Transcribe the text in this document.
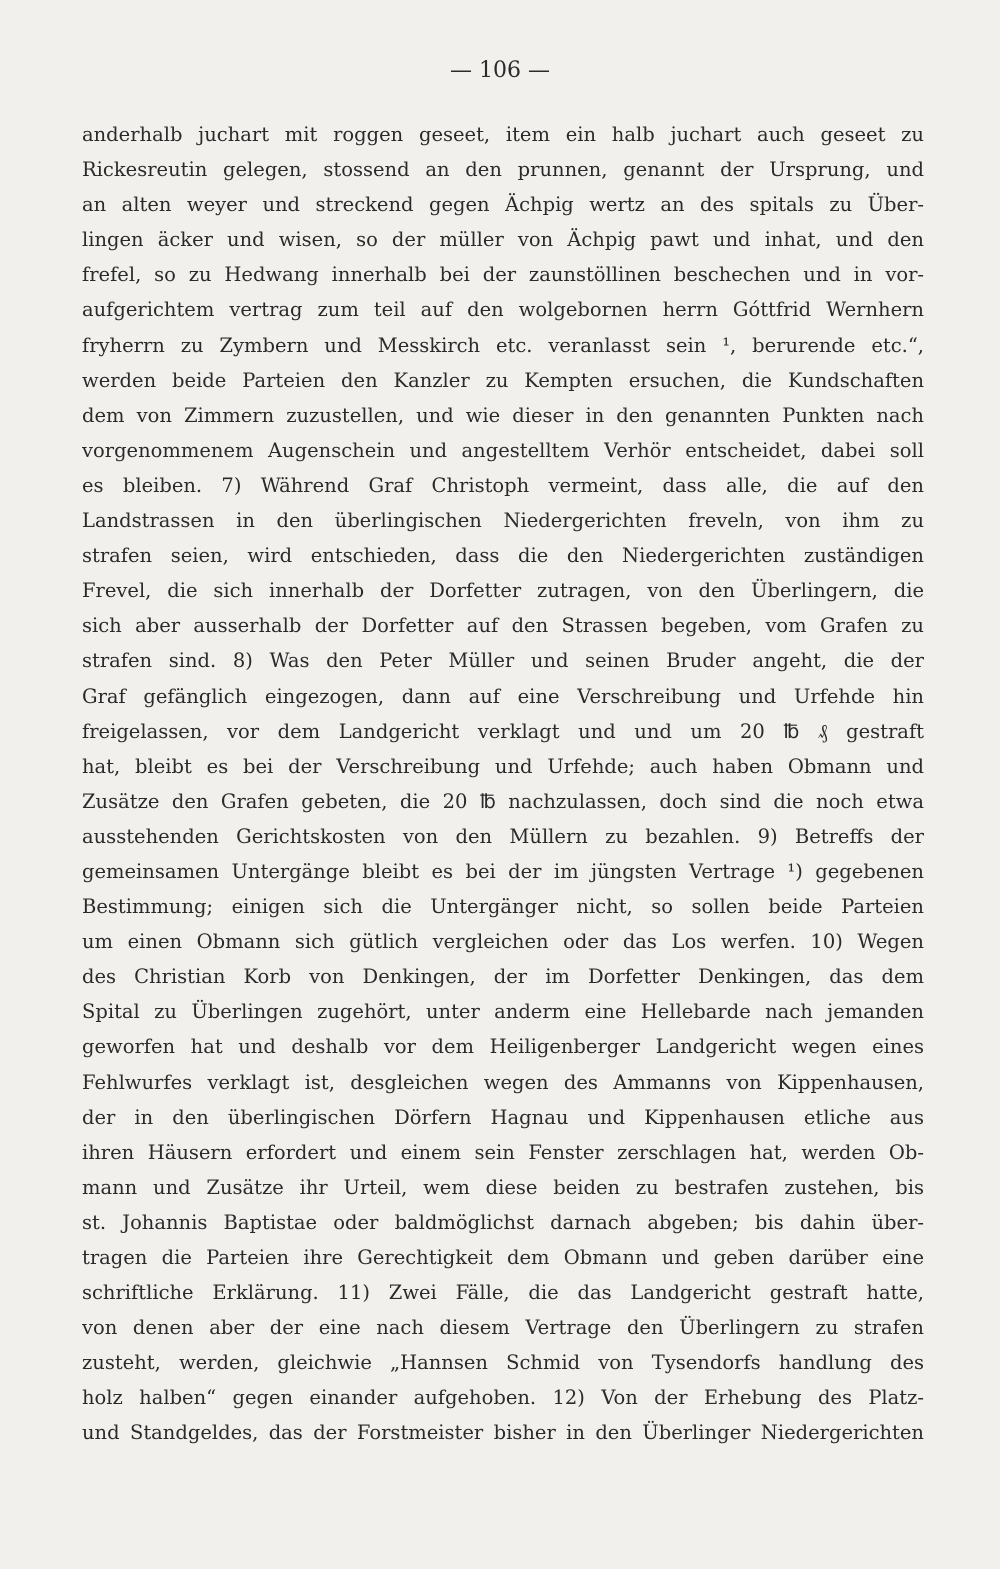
— 106 —

anderhalb juchart mit roggen geseet, item ein halb juchart auch geseet zu
Rickesreutin gelegen, stossend an den prunnen, genannt der Ursprung, und
an alten weyer und streckend gegen Ächpig wertz an des spitals zu Über-
lingen äcker und wisen, so der müller von Ächpig pawt und inhat, und den
frefel, so zu Hedwang innerhalb bei der zaunstöllinen beschechen und in vor-
aufgerichtem vertrag zum teil auf den wolgebornen herrn Góttfrid Wernhern
fryherrn zu Zymbern und Messkirch etc. veranlasst sein ¹, berurende etc.“,
werden beide Parteien den Kanzler zu Kempten ersuchen, die Kundschaften
dem von Zimmern zuzustellen, und wie dieser in den genannten Punkten nach
vorgenommenem Augenschein und angestelltem Verhör entscheidet, dabei soll
es bleiben. 7) Während Graf Christoph vermeint, dass alle, die auf den
Landstrassen in den überlingischen Niedergerichten freveln, von ihm zu
strafen seien, wird entschieden, dass die den Niedergerichten zuständigen
Frevel, die sich innerhalb der Dorfetter zutragen, von den Überlingern, die
sich aber ausserhalb der Dorfetter auf den Strassen begeben, vom Grafen zu
strafen sind. 8) Was den Peter Müller und seinen Bruder angeht, die der
Graf gefänglich eingezogen, dann auf eine Verschreibung und Urfehde hin
freigelassen, vor dem Landgericht verklagt und und um 20 ℔ ₰ gestraft
hat, bleibt es bei der Verschreibung und Urfehde; auch haben Obmann und
Zusätze den Grafen gebeten, die 20 ℔ nachzulassen, doch sind die noch etwa
ausstehenden Gerichtskosten von den Müllern zu bezahlen. 9) Betreffs der
gemeinsamen Untergänge bleibt es bei der im jüngsten Vertrage ¹) gegebenen
Bestimmung; einigen sich die Untergänger nicht, so sollen beide Parteien
um einen Obmann sich gütlich vergleichen oder das Los werfen. 10) Wegen
des Christian Korb von Denkingen, der im Dorfetter Denkingen, das dem
Spital zu Überlingen zugehört, unter anderm eine Hellebarde nach jemanden
geworfen hat und deshalb vor dem Heiligenberger Landgericht wegen eines
Fehlwurfes verklagt ist, desgleichen wegen des Ammanns von Kippenhausen,
der in den überlingischen Dörfern Hagnau und Kippenhausen etliche aus
ihren Häusern erfordert und einem sein Fenster zerschlagen hat, werden Ob-
mann und Zusätze ihr Urteil, wem diese beiden zu bestrafen zustehen, bis
st. Johannis Baptistae oder baldmöglichst darnach abgeben; bis dahin über-
tragen die Parteien ihre Gerechtigkeit dem Obmann und geben darüber eine
schriftliche Erklärung. 11) Zwei Fälle, die das Landgericht gestraft hatte,
von denen aber der eine nach diesem Vertrage den Überlingern zu strafen
zusteht, werden, gleichwie „Hannsen Schmid von Tysendorfs handlung des
holz halben“ gegen einander aufgehoben. 12) Von der Erhebung des Platz-
und Standgeldes, das der Forstmeister bisher in den Überlinger Niedergerichten
